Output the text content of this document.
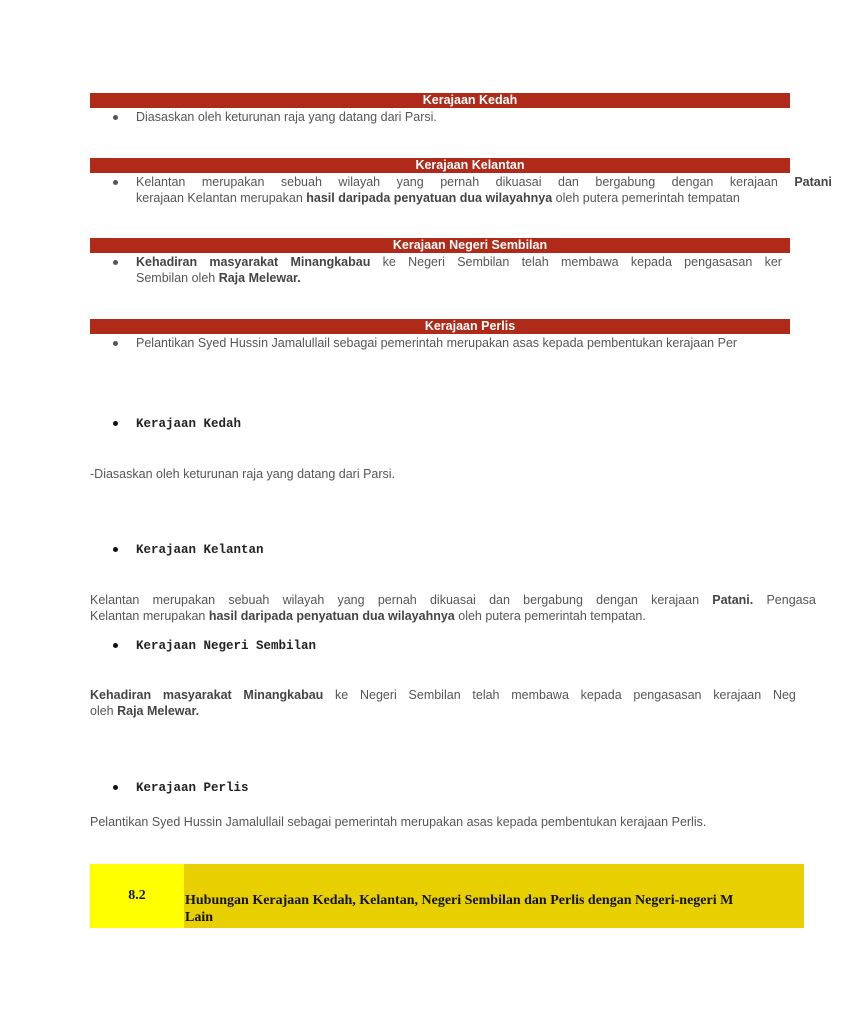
Kerajaan Kedah
Diasaskan oleh keturunan raja yang datang dari Parsi.
Kerajaan Kelantan
Kelantan merupakan sebuah wilayah yang pernah dikuasai dan bergabung dengan kerajaan Patani
kerajaan Kelantan merupakan hasil daripada penyatuan dua wilayahnya oleh putera pemerintah tempatan
Kerajaan Negeri Sembilan
Kehadiran masyarakat Minangkabau ke Negeri Sembilan telah membawa kepada pengasasan ker
Sembilan oleh Raja Melewar.
Kerajaan Perlis
Pelantikan Syed Hussin Jamalullail sebagai pemerintah merupakan asas kepada pembentukan kerajaan Per
Kerajaan Kedah
-Diasaskan oleh keturunan raja yang datang dari Parsi.
Kerajaan Kelantan
Kelantan merupakan sebuah wilayah yang pernah dikuasai dan bergabung dengan kerajaan Patani. Pengasa
Kelantan merupakan hasil daripada penyatuan dua wilayahnya oleh putera pemerintah tempatan.
Kerajaan Negeri Sembilan
Kehadiran masyarakat Minangkabau ke Negeri Sembilan telah membawa kepada pengasasan kerajaan Neg
oleh Raja Melewar.
Kerajaan Perlis
Pelantikan Syed Hussin Jamalullail sebagai pemerintah merupakan asas kepada pembentukan kerajaan Perlis.
8.2	Hubungan Kerajaan Kedah, Kelantan, Negeri Sembilan dan Perlis dengan Negeri-negeri M
Lain
